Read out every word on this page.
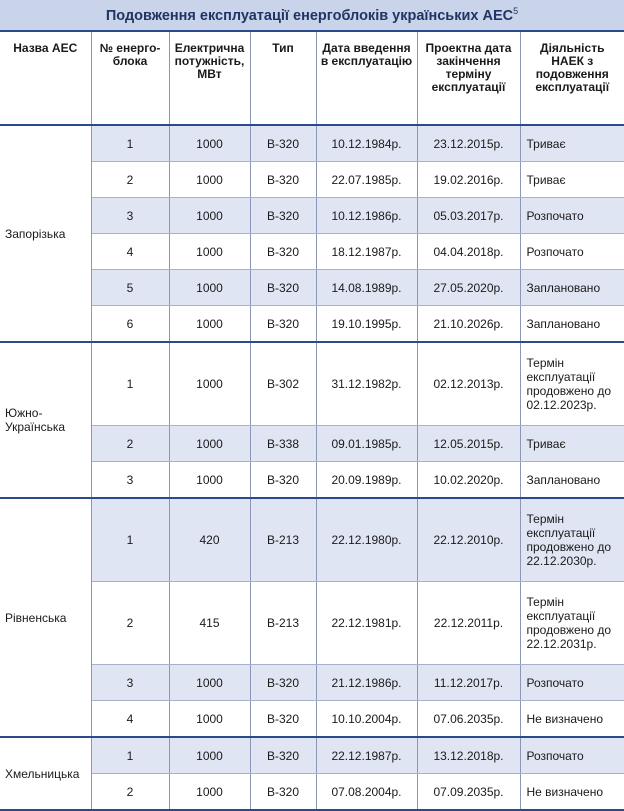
Подовження експлуатації енергоблоків українських АЕС$^5$
Назва АЕС	№ енерго-блока	Електрична потужність, МВт	Тип	Дата введення в експлуатацію	Проектна дата закінчення терміну експлуатації	Діяльність НАЕК з подовження експлуатації
Запорізька	1	1000	В-320	10.12.1984р.	23.12.2015р.	Триває
	2	1000	В-320	22.07.1985р.	19.02.2016р.	Триває
	3	1000	В-320	10.12.1986р.	05.03.2017р.	Розпочато
	4	1000	В-320	18.12.1987р.	04.04.2018р.	Розпочато
	5	1000	В-320	14.08.1989р.	27.05.2020р.	Заплановано
	6	1000	В-320	19.10.1995р.	21.10.2026р.	Заплановано
Южно-Українська	1	1000	В-302	31.12.1982р.	02.12.2013р.	Термін експлуатації продовжено до 02.12.2023р.
	2	1000	В-338	09.01.1985р.	12.05.2015р.	Триває
	3	1000	В-320	20.09.1989р.	10.02.2020р.	Заплановано
Рівненська	1	420	В-213	22.12.1980р.	22.12.2010р.	Термін експлуатації продовжено до 22.12.2030р.
	2	415	В-213	22.12.1981р.	22.12.2011р.	Термін експлуатації продовжено до 22.12.2031р.
	3	1000	В-320	21.12.1986р.	11.12.2017р.	Розпочато
	4	1000	В-320	10.10.2004р.	07.06.2035р.	Не визначено
Хмельницька	1	1000	В-320	22.12.1987р.	13.12.2018р.	Розпочато
	2	1000	В-320	07.08.2004р.	07.09.2035р.	Не визначено
